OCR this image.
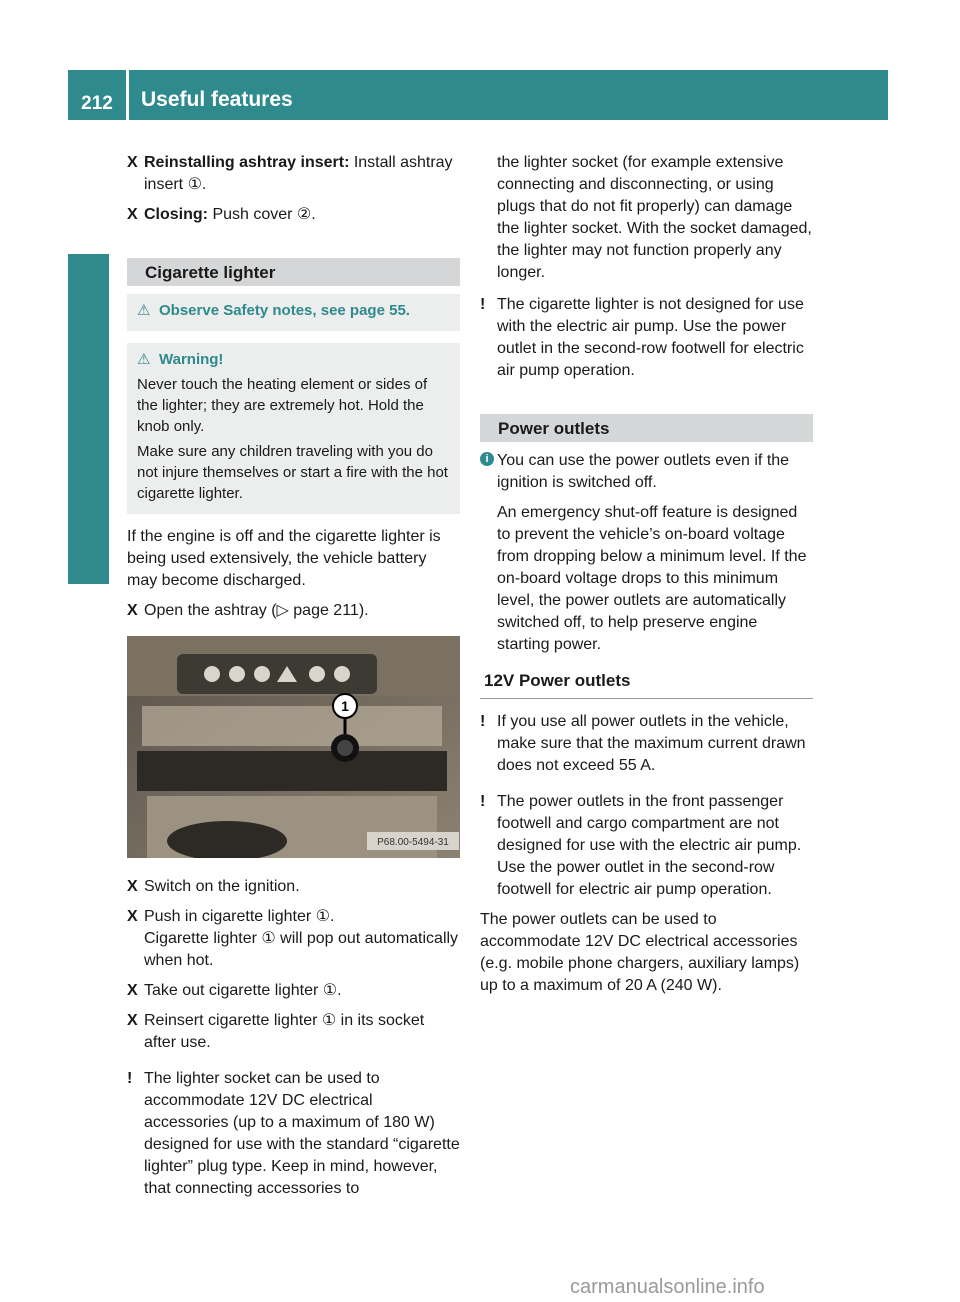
212	Useful features
Controls in detail
X Reinstalling ashtray insert: Install ashtray insert ①.
X Closing: Push cover ②.
Cigarette lighter
⚠ Observe Safety notes, see page 55.
⚠ Warning!

Never touch the heating element or sides of the lighter; they are extremely hot. Hold the knob only.

Make sure any children traveling with you do not injure themselves or start a fire with the hot cigarette lighter.

If the engine is off and the cigarette lighter is being used extensively, the vehicle battery may become discharged.

X Open the ashtray (▷ page 211).
1
P68.00-5494-31
X Switch on the ignition.
X Push in cigarette lighter ①.
Cigarette lighter ① will pop out automatically when hot.
X Take out cigarette lighter ①.
X Reinsert cigarette lighter ① in its socket after use.
! The lighter socket can be used to accommodate 12V DC electrical accessories (up to a maximum of 180 W) designed for use with the standard “cigarette lighter” plug type. Keep in mind, however, that connecting accessories to

the lighter socket (for example extensive connecting and disconnecting, or using plugs that do not fit properly) can damage the lighter socket. With the socket damaged, the lighter may not function properly any longer.

! The cigarette lighter is not designed for use with the electric air pump. Use the power outlet in the second-row footwell for electric air pump operation.
Power outlets
i You can use the power outlets even if the ignition is switched off.

An emergency shut-off feature is designed to prevent the vehicle’s on-board voltage from dropping below a minimum level. If the on-board voltage drops to this minimum level, the power outlets are automatically switched off, to help preserve engine starting power.

12V Power outlets
! If you use all power outlets in the vehicle, make sure that the maximum current drawn does not exceed 55 A.
! The power outlets in the front passenger footwell and cargo compartment are not designed for use with the electric air pump. Use the power outlet in the second-row footwell for electric air pump operation.

The power outlets can be used to accommodate 12V DC electrical accessories (e.g. mobile phone chargers, auxiliary lamps) up to a maximum of 20 A (240 W).

carmanualsonline.info
